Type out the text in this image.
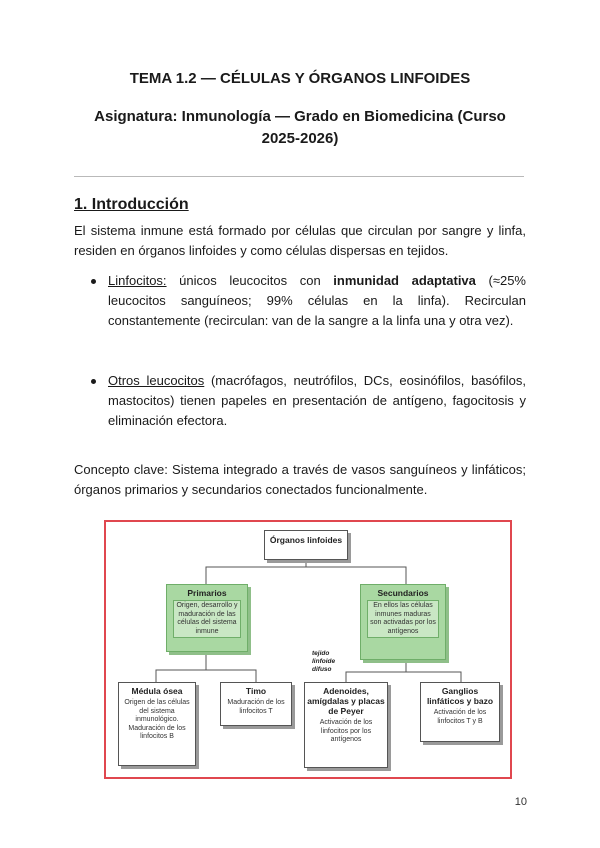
TEMA 1.2 — CÉLULAS Y ÓRGANOS LINFOIDES
Asignatura: Inmunología — Grado en Biomedicina (Curso 2025-2026)
1. Introducción
El sistema inmune está formado por células que circulan por sangre y linfa, residen en órganos linfoides y como células dispersas en tejidos.
Linfocitos: únicos leucocitos con inmunidad adaptativa (≈25% leucocitos sanguíneos; 99% células en la linfa). Recirculan constantemente (recirculan: van de la sangre a la linfa una y otra vez).
Otros leucocitos (macrófagos, neutrófilos, DCs, eosinófilos, basófilos, mastocitos) tienen papeles en presentación de antígeno, fagocitosis y eliminación efectora.
Concepto clave: Sistema integrado a través de vasos sanguíneos y linfáticos; órganos primarios y secundarios conectados funcionalmente.
Órganos linfoides
Primarios
Origen, desarrollo y maduración de las células del sistema inmune
Secundarios
En ellos las células inmunes maduras son activadas por los antígenos
tejido linfoide difuso
Médula ósea
Origen de las células del sistema inmunológico. Maduración de los linfocitos B
Timo
Maduración de los linfocitos T
Adenoides, amígdalas y placas de Peyer
Activación de los linfocitos por los antígenos
Ganglios linfáticos y bazo
Activación de los linfocitos T y B
10
